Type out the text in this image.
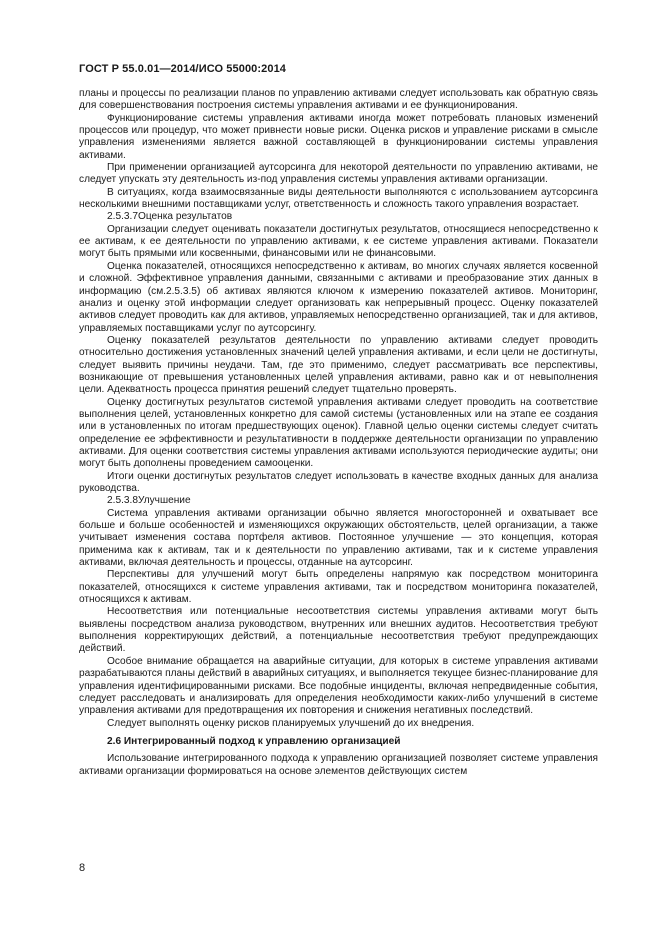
ГОСТ Р 55.0.01—2014/ИСО 55000:2014

планы и процессы по реализации планов по управлению активами следует использовать как обратную связь для совершенствования построения системы управления активами и ее функционирования.

Функционирование системы управления активами иногда может потребовать плановых изменений процессов или процедур, что может привнести новые риски. Оценка рисков и управление рисками в смысле управления изменениями является важной составляющей в функционировании системы управления активами.

При применении организацией аутсорсинга для некоторой деятельности по управлению активами, не следует упускать эту деятельность из-под управления системы управления активами организации.

В ситуациях, когда взаимосвязанные виды деятельности выполняются с использованием аутсорсинга несколькими внешними поставщиками услуг, ответственность и сложность такого управления возрастает.

2.5.3.7Оценка результатов

Организации следует оценивать показатели достигнутых результатов, относящиеся непосредственно к ее активам, к ее деятельности по управлению активами, к ее системе управления активами. Показатели могут быть прямыми или косвенными, финансовыми или не финансовыми.

Оценка показателей, относящихся непосредственно к активам, во многих случаях является косвенной и сложной. Эффективное управления данными, связанными с активами и преобразование этих данных в информацию (см.2.5.3.5) об активах являются ключом к измерению показателей активов. Мониторинг, анализ и оценку этой информации следует организовать как непрерывный процесс. Оценку показателей активов следует проводить как для активов, управляемых непосредственно организацией, так и для активов, управляемых поставщиками услуг по аутсорсингу.

Оценку показателей результатов деятельности по управлению активами следует проводить относительно достижения установленных значений целей управления активами, и если цели не достигнуты, следует выявить причины неудачи. Там, где это применимо, следует рассматривать все перспективы, возникающие от превышения установленных целей управления активами, равно как и от невыполнения цели. Адекватность процесса принятия решений следует тщательно проверять.

Оценку достигнутых результатов системой управления активами следует проводить на соответствие выполнения целей, установленных конкретно для самой системы (установленных или на этапе ее создания или в установленных по итогам предшествующих оценок). Главной целью оценки системы следует считать определение ее эффективности и результативности в поддержке деятельности организации по управлению активами. Для оценки соответствия системы управления активами используются периодические аудиты; они могут быть дополнены проведением самооценки.

Итоги оценки достигнутых результатов следует использовать в качестве входных данных для анализа руководства.

2.5.3.8Улучшение

Система управления активами организации обычно является многосторонней и охватывает все больше и больше особенностей и изменяющихся окружающих обстоятельств, целей организации, а также учитывает изменения состава портфеля активов. Постоянное улучшение — это концепция, которая применима как к активам, так и к деятельности по управлению активами, так и к системе управления активами, включая деятельность и процессы, отданные на аутсорсинг.

Перспективы для улучшений могут быть определены напрямую как посредством мониторинга показателей, относящихся к системе управления активами, так и посредством мониторинга показателей, относящихся к активам.

Несоответствия или потенциальные несоответствия системы управления активами могут быть выявлены посредством анализа руководством, внутренних или внешних аудитов. Несоответствия требуют выполнения корректирующих действий, а потенциальные несоответствия требуют предупреждающих действий.

Особое внимание обращается на аварийные ситуации, для которых в системе управления активами разрабатываются планы действий в аварийных ситуациях, и выполняется текущее бизнес-планирование для управления идентифицированными рисками. Все подобные инциденты, включая непредвиденные события, следует расследовать и анализировать для определения необходимости каких-либо улучшений в системе управления активами для предотвращения их повторения и снижения негативных последствий.

Следует выполнять оценку рисков планируемых улучшений до их внедрения.

2.6 Интегрированный подход к управлению организацией

Использование интегрированного подхода к управлению организацией позволяет системе управления активами организации формироваться на основе элементов действующих систем

8
